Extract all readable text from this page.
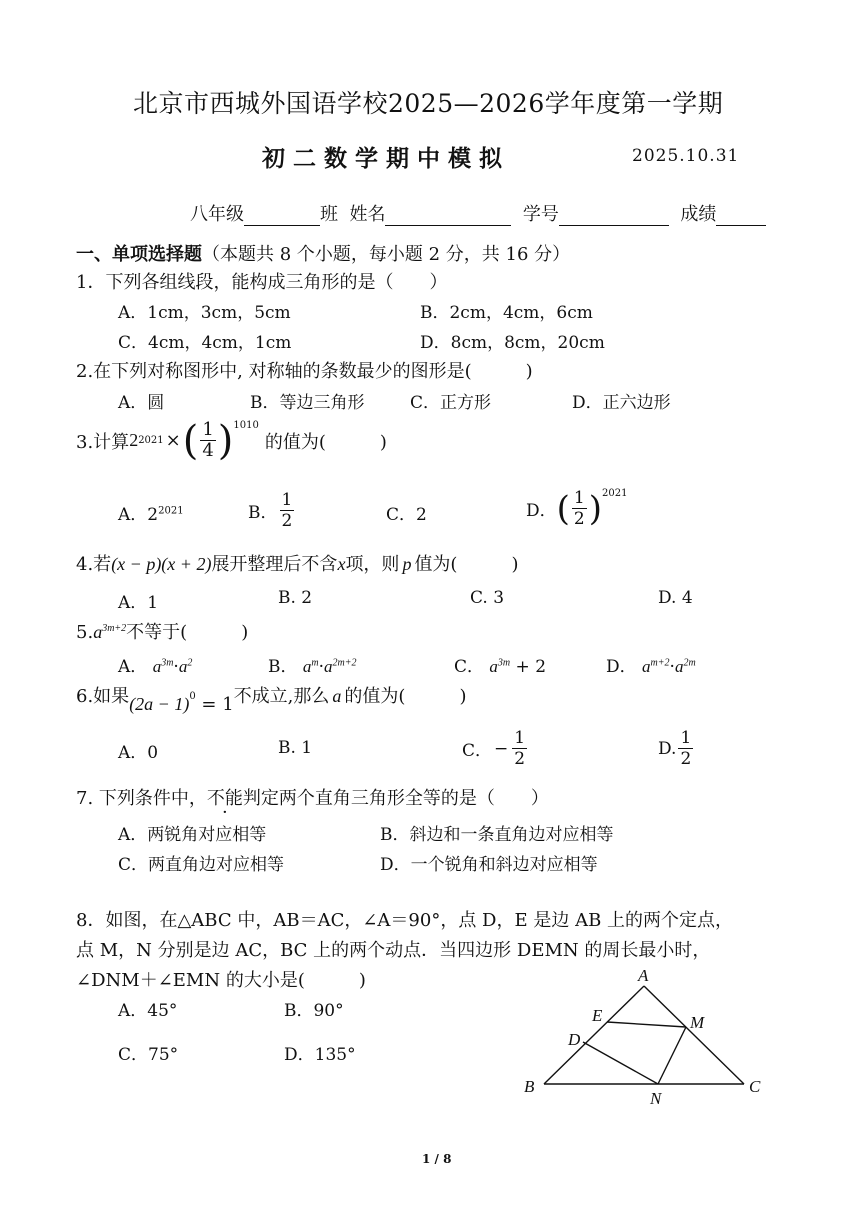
北京市西城外国语学校2025—2026学年度第一学期
初二数学期中模拟	2025.10.31
八年级	班 姓名	学号	成绩
一、单项选择题（本题共 8 个小题，每小题 2 分，共 16 分）
1．下列各组线段，能构成三角形的是（　　）
A．1cm，3cm，5cm	B．2cm，4cm，6cm
C．4cm，4cm，1cm	D．8cm，8cm，20cm
2.在下列对称图形中, 对称轴的条数最少的图形是(　　　)
A．圆	B．等边三角形	C．正方形	D．正六边形
3.计算 2 2021 × ( $\frac{1}{4}$ ) 1010
的值为(　　　)
A．$2^{2021}$	B． $\frac{1}{2}$	C．2	D． ( $\frac{1}{2}$ ) 2021
4.若(x − p)(x + 2)展开整理后不含x项，则 p 值为(　　　)
A．1	B. 2	C. 3	D. 4
$5.a^{3m+2}$不等于(　　　)
A． $a^{3m}\cdot a^2$	B． $a^m\cdot a^{2m+2}$	C． $a^{3m} + 2$	D． $a^{m+2}\cdot a^{2m}$
6.如果$(2a - 1)^0 = 1$不成立,那么 a 的值为(　　　)
A．0	B. 1	C． − $\frac{1}{2}$	D. $\frac{1}{2}$
7. 下列条件中，不能判定两个直角三角形全等的是（　　）
A．两锐角对应相等	B．斜边和一条直角边对应相等
C．两直角边对应相等	D．一个锐角和斜边对应相等
8．如图，在△ABC 中，AB＝AC，∠A＝90°，点 D，E 是边 AB 上的两个定点，
点 M，N 分别是边 AC，BC 上的两个动点．当四边形 DEMN 的周长最小时，
∠DNM＋∠EMN 的大小是(　　　)
A．45°	B．90°
C．75°	D．135°
A
B	C
D
E	M
N
1 / 8
